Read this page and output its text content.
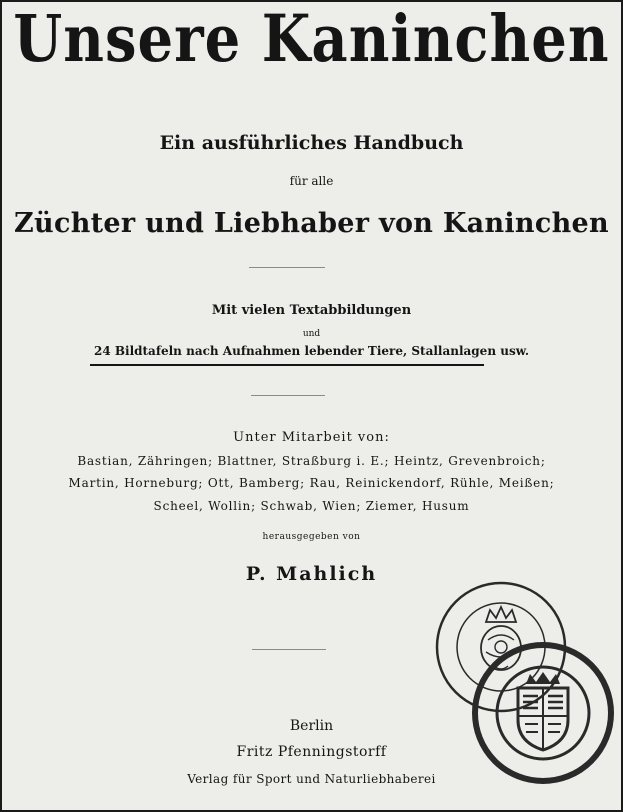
Unsere Kaninchen
Ein ausführliches Handbuch
für alle
Züchter und Liebhaber von Kaninchen
Mit vielen Textabbildungen
und
24 Bildtafeln nach Aufnahmen lebender Tiere, Stallanlagen usw.
Unter Mitarbeit von:
Bastian, Zähringen; Blattner, Straßburg i. E.; Heintz, Grevenbroich;
Martin, Horneburg; Ott, Bamberg; Rau, Reinickendorf, Rühle, Meißen;
Scheel, Wollin; Schwab, Wien; Ziemer, Husum
herausgegeben von
P. Mahlich
Berlin
Fritz Pfenningstorff
Verlag für Sport und Naturliebhaberei
